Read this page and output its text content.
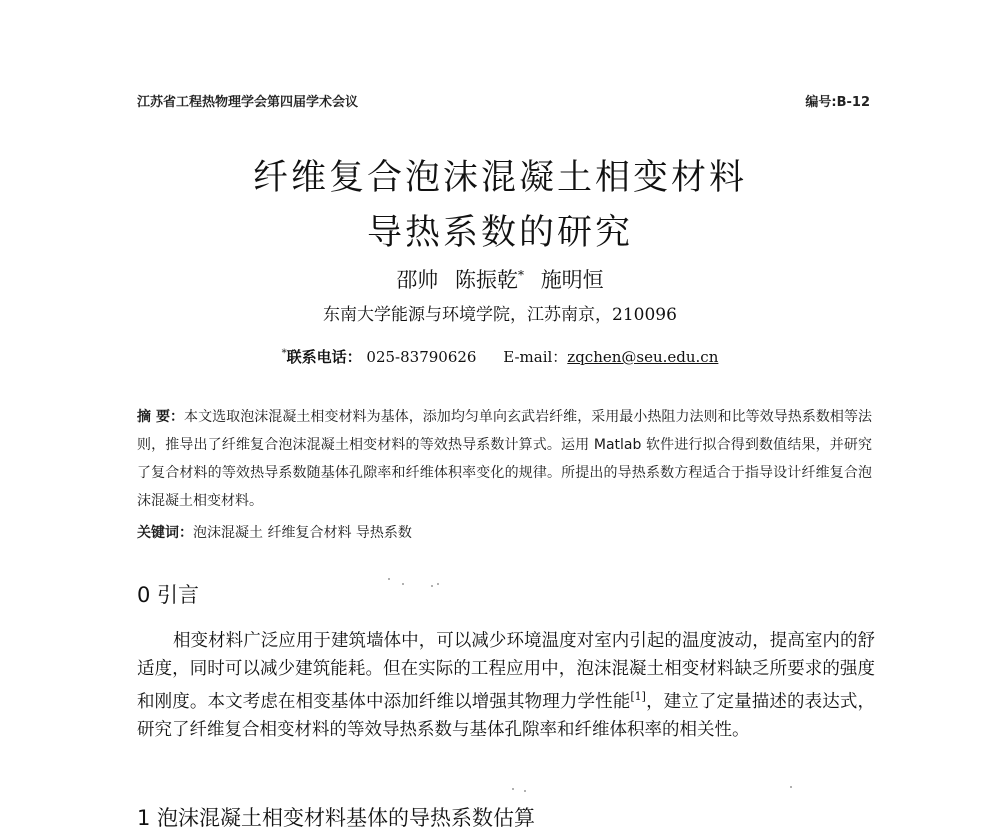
江苏省工程热物理学会第四届学术会议	编号:B-12
纤维复合泡沫混凝土相变材料
导热系数的研究
邵帅 陈振乾* 施明恒
东南大学能源与环境学院，江苏南京，210096
*联系电话： 025-83790626 E-mail：zqchen@seu.edu.cn
摘 要：本文选取泡沫混凝土相变材料为基体，添加均匀单向玄武岩纤维，采用最小热阻力法则和比等效导热系数相等法则，推导出了纤维复合泡沫混凝土相变材料的等效热导系数计算式。运用 Matlab 软件进行拟合得到数值结果，并研究了复合材料的等效热导系数随基体孔隙率和纤维体积率变化的规律。所提出的导热系数方程适合于指导设计纤维复合泡沫混凝土相变材料。
关键词：泡沫混凝土 纤维复合材料 导热系数
0 引言
相变材料广泛应用于建筑墙体中，可以减少环境温度对室内引起的温度波动，提高室内的舒适度，同时可以减少建筑能耗。但在实际的工程应用中，泡沫混凝土相变材料缺乏所要求的强度和刚度。本文考虑在相变基体中添加纤维以增强其物理力学性能[1]，建立了定量描述的表达式，研究了纤维复合相变材料的等效导热系数与基体孔隙率和纤维体积率的相关性。
1 泡沫混凝土相变材料基体的导热系数估算
